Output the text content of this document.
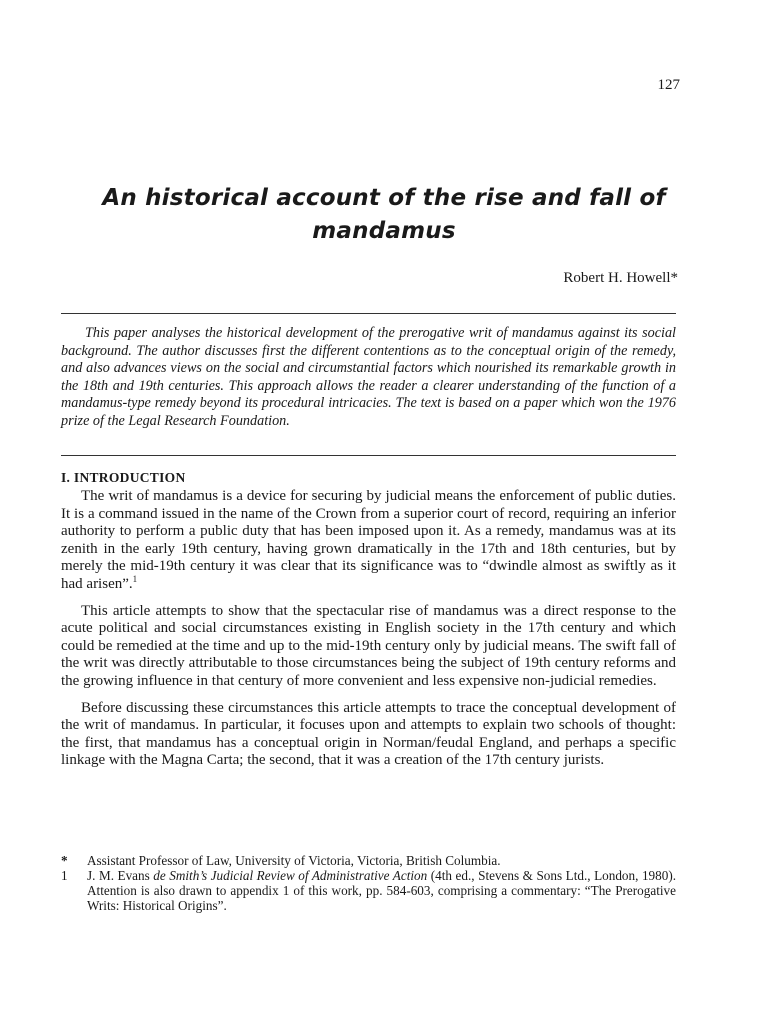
127
An historical account of the rise and fall of mandamus
Robert H. Howell*

This paper analyses the historical development of the prerogative writ of mandamus against its social background. The author discusses first the different contentions as to the conceptual origin of the remedy, and also advances views on the social and circumstantial factors which nourished its remarkable growth in the 18th and 19th centuries. This approach allows the reader a clearer understanding of the function of a mandamus-type remedy beyond its procedural intricacies. The text is based on a paper which won the 1976 prize of the Legal Research Foundation.

I. INTRODUCTION

The writ of mandamus is a device for securing by judicial means the enforcement of public duties. It is a command issued in the name of the Crown from a superior court of record, requiring an inferior authority to perform a public duty that has been imposed upon it. As a remedy, mandamus was at its zenith in the early 19th century, having grown dramatically in the 17th and 18th centuries, but by merely the mid-19th century it was clear that its significance was to “dwindle almost as swiftly as it had arisen”.$^1$

This article attempts to show that the spectacular rise of mandamus was a direct response to the acute political and social circumstances existing in English society in the 17th century and which could be remedied at the time and up to the mid-19th century only by judicial means. The swift fall of the writ was directly attributable to those circumstances being the subject of 19th century reforms and the growing influence in that century of more convenient and less expensive non-judicial remedies.

Before discussing these circumstances this article attempts to trace the conceptual development of the writ of mandamus. In particular, it focuses upon and attempts to explain two schools of thought: the first, that mandamus has a conceptual origin in Norman/feudal England, and perhaps a specific linkage with the Magna Carta; the second, that it was a creation of the 17th century jurists.

*	Assistant Professor of Law, University of Victoria, Victoria, British Columbia.
1	J. M. Evans de Smith’s Judicial Review of Administrative Action (4th ed., Stevens & Sons Ltd., London, 1980). Attention is also drawn to appendix 1 of this work, pp. 584-603, comprising a commentary: “The Prerogative Writs: Historical Origins”.
